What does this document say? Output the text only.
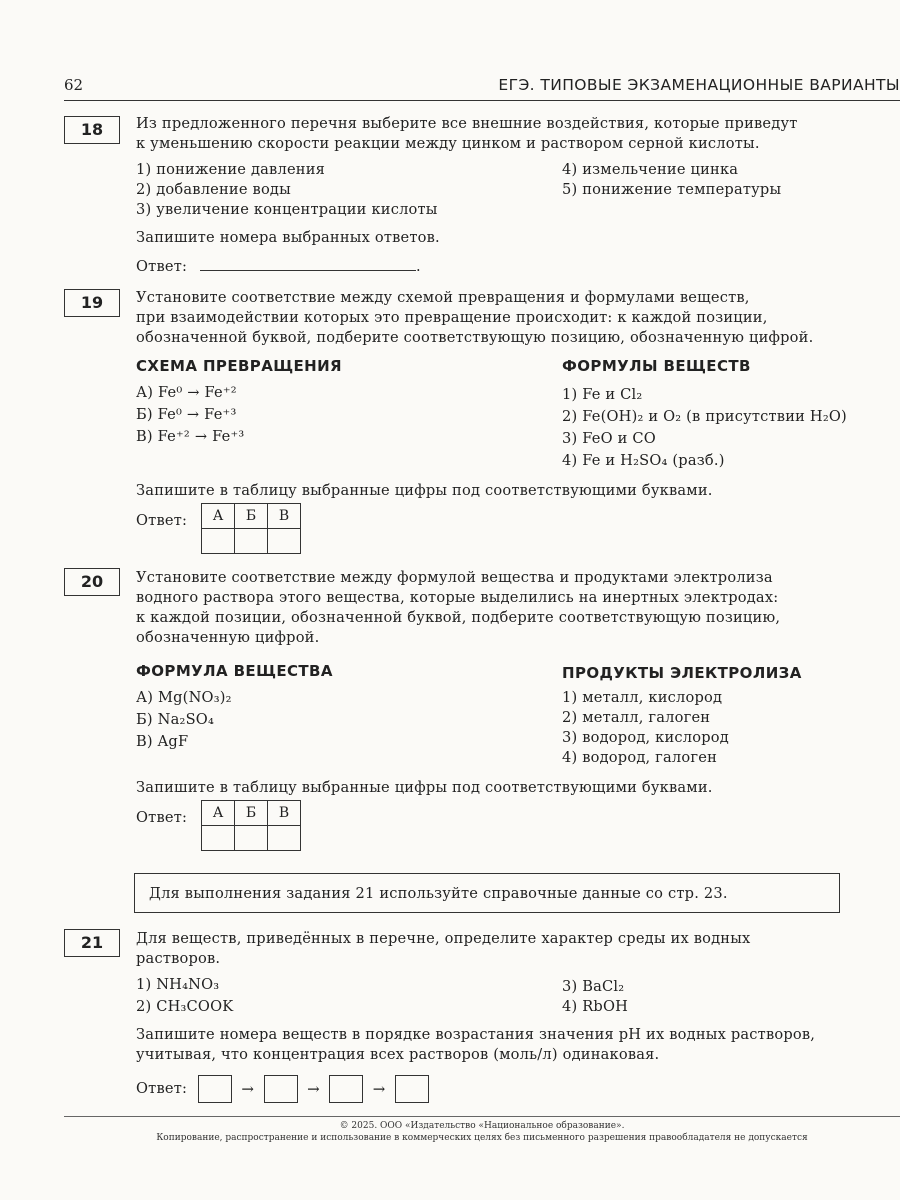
62	ЕГЭ. ТИПОВЫЕ ЭКЗАМЕНАЦИОННЫЕ ВАРИАНТЫ
18	Из предложенного перечня выберите все внешние воздействия, которые приведут

к уменьшению скорости реакции между цинком и раствором серной кислоты.

1) понижение давления
2) добавление воды
3) увеличение концентрации кислоты
4) измельчение цинка
5) понижение температуры
Запишите номера выбранных ответов.
Ответ:	.
19	Установите соответствие между схемой превращения и формулами веществ,

при взаимодействии которых это превращение происходит: к каждой позиции,

обозначенной буквой, подберите соответствующую позицию, обозначенную цифрой.

СХЕМА ПРЕВРАЩЕНИЯ	ФОРМУЛЫ ВЕЩЕСТВ
А) Fe⁰ → Fe⁺²
Б) Fe⁰ → Fe⁺³
В) Fe⁺² → Fe⁺³
1) Fe и Cl₂
2) Fe(OH)₂ и O₂ (в присутствии H₂O)
3) FeO и CO
4) Fe и H₂SO₄ (разб.)
Запишите в таблицу выбранные цифры под соответствующими буквами.
Ответ: А	Б	В

20	Установите соответствие между формулой вещества и продуктами электролиза

водного раствора этого вещества, которые выделились на инертных электродах:

к каждой позиции, обозначенной буквой, подберите соответствующую позицию,

обозначенную цифрой.

ФОРМУЛА ВЕЩЕСТВА	ПРОДУКТЫ ЭЛЕКТРОЛИЗА
А) Mg(NO₃)₂
Б) Na₂SO₄
В) AgF
1) металл, кислород
2) металл, галоген
3) водород, кислород
4) водород, галоген
Запишите в таблицу выбранные цифры под соответствующими буквами.
Ответ: А	Б	В

Для выполнения задания 21 используйте справочные данные со стр. 23.
21	Для веществ, приведённых в перечне, определите характер среды их водных

растворов.

1) NH₄NO₃
2) CH₃COOK
3) BaCl₂
4) RbOH
Запишите номера веществ в порядке возрастания значения pH их водных растворов,
учитывая, что концентрация всех растворов (моль/л) одинаковая.
Ответ:	→	→	→
© 2025. ООО «Издательство «Национальное образование».
Копирование, распространение и использование в коммерческих целях без письменного разрешения правообладателя не допускается
